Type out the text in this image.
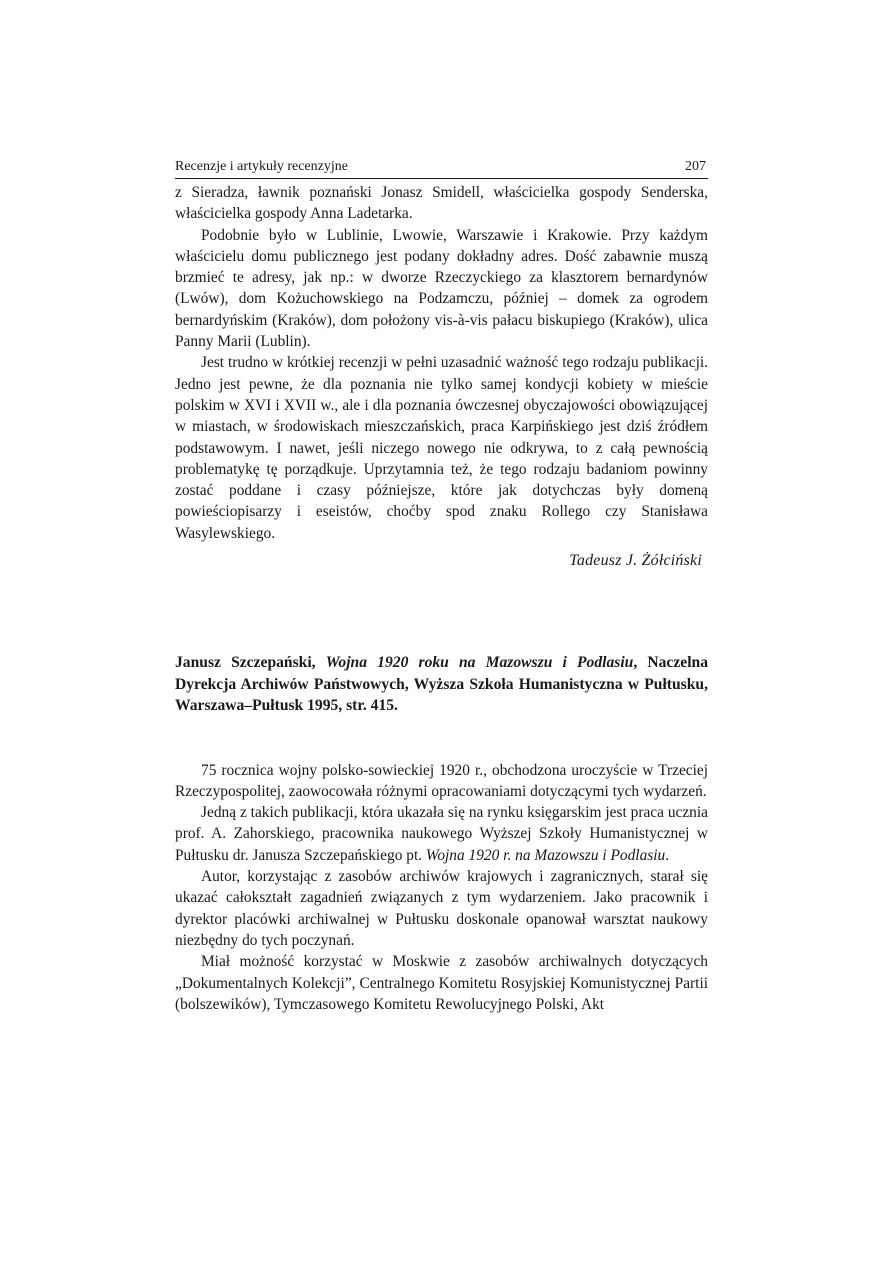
Recenzje i artykuły recenzyjne	207

z Sieradza, ławnik poznański Jonasz Smidell, właścicielka gospody Senderska, właścicielka gospody Anna Ladetarka.

Podobnie było w Lublinie, Lwowie, Warszawie i Krakowie. Przy każdym właścicielu domu publicznego jest podany dokładny adres. Dość zabawnie muszą brzmieć te adresy, jak np.: w dworze Rzeczyckiego za klasztorem bernardynów (Lwów), dom Kożuchowskiego na Podzamczu, później – domek za ogrodem bernardyńskim (Kraków), dom położony vis-à-vis pałacu biskupiego (Kraków), ulica Panny Marii (Lublin).

Jest trudno w krótkiej recenzji w pełni uzasadnić ważność tego rodzaju publikacji. Jedno jest pewne, że dla poznania nie tylko samej kondycji kobiety w mieście polskim w XVI i XVII w., ale i dla poznania ówczesnej obyczajowości obowiązującej w miastach, w środowiskach mieszczańskich, praca Karpińskiego jest dziś źródłem podstawowym. I nawet, jeśli niczego nowego nie odkrywa, to z całą pewnością problematykę tę porządkuje. Uprzytamnia też, że tego rodzaju badaniom powinny zostać poddane i czasy późniejsze, które jak dotychczas były domeną powieściopisarzy i eseistów, choćby spod znaku Rollego czy Stanisława Wasylewskiego.

Tadeusz J. Żółciński
Janusz Szczepański, Wojna 1920 roku na Mazowszu i Podlasiu, Naczelna Dyrekcja Archiwów Państwowych, Wyższa Szkoła Humanistyczna w Pułtusku, Warszawa–Pułtusk 1995, str. 415.

75 rocznica wojny polsko-sowieckiej 1920 r., obchodzona uroczyście w Trzeciej Rzeczypospolitej, zaowocowała różnymi opracowaniami dotyczącymi tych wydarzeń.

Jedną z takich publikacji, która ukazała się na rynku księgarskim jest praca ucznia prof. A. Zahorskiego, pracownika naukowego Wyższej Szkoły Humanistycznej w Pułtusku dr. Janusza Szczepańskiego pt. Wojna 1920 r. na Mazowszu i Podlasiu.

Autor, korzystając z zasobów archiwów krajowych i zagranicznych, starał się ukazać całokształt zagadnień związanych z tym wydarzeniem. Jako pracownik i dyrektor placówki archiwalnej w Pułtusku doskonale opanował warsztat naukowy niezbędny do tych poczynań.

Miał możność korzystać w Moskwie z zasobów archiwalnych dotyczących „Dokumentalnych Kolekcji”, Centralnego Komitetu Rosyjskiej Komunistycznej Partii (bolszewików), Tymczasowego Komitetu Rewolucyjnego Polski, Akt
